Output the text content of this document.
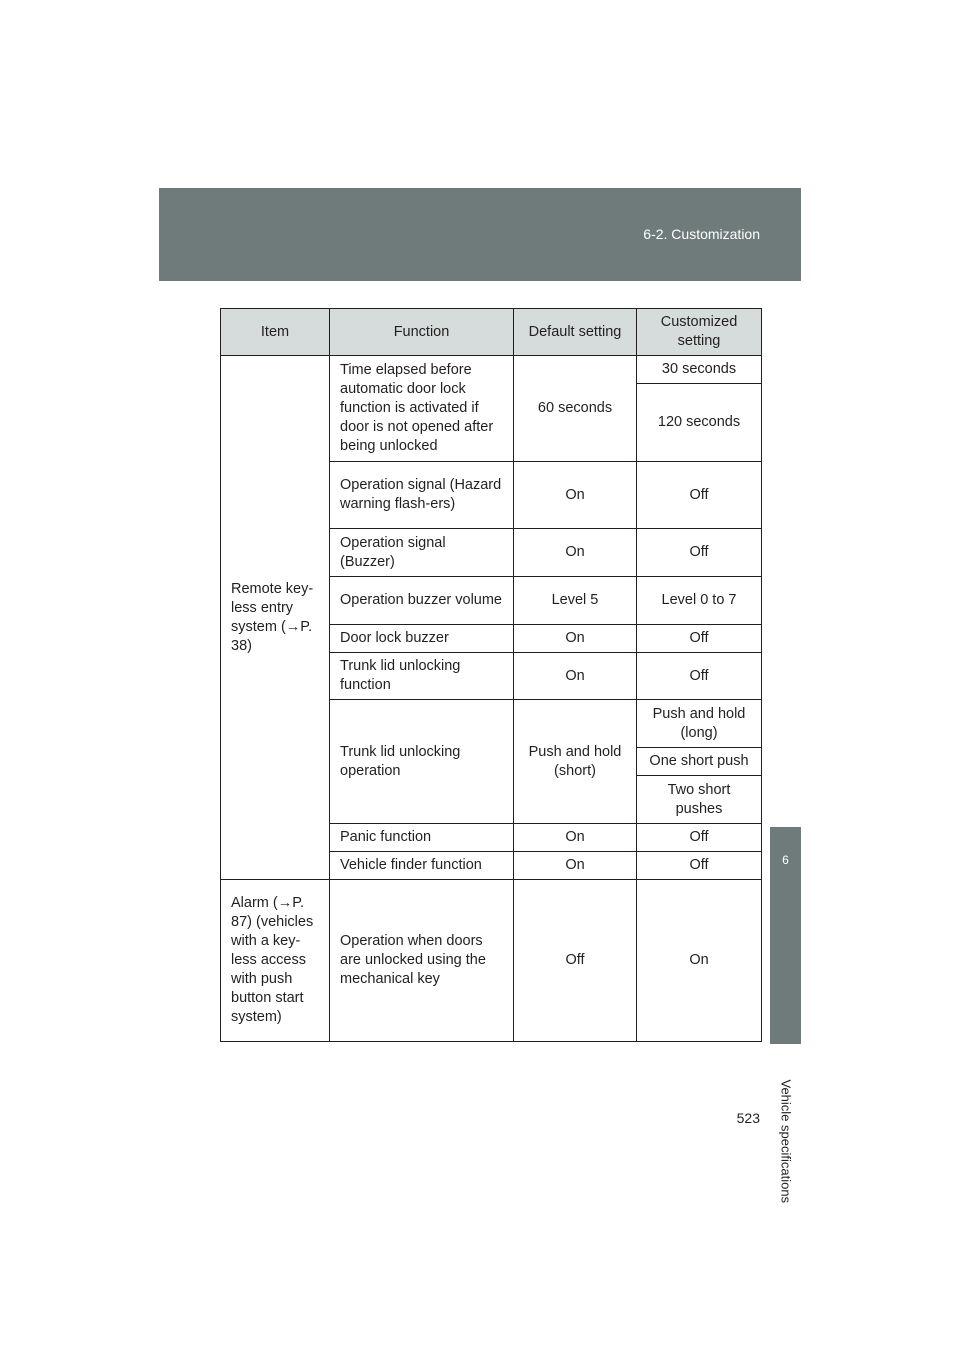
6-2. Customization
6
Vehicle specifications
Item	Function	Default setting	Customized setting
Remote key-less entry system (→P. 38)	Time elapsed before automatic door lock function is activated if door is not opened after being unlocked	60 seconds	30 seconds
			120 seconds
	Operation signal (Hazard warning flash-ers)	On	Off
	Operation signal (Buzzer)	On	Off
	Operation buzzer volume	Level 5	Level 0 to 7
	Door lock buzzer	On	Off
	Trunk lid unlocking function	On	Off
	Trunk lid unlocking operation	Push and hold (short)	Push and hold (long)
			One short push
			Two short pushes
	Panic function	On	Off
	Vehicle finder function	On	Off
Alarm (→P. 87) (vehicles with a key-less access with push button start system)	Operation when doors are unlocked using the mechanical key	Off	On
523
